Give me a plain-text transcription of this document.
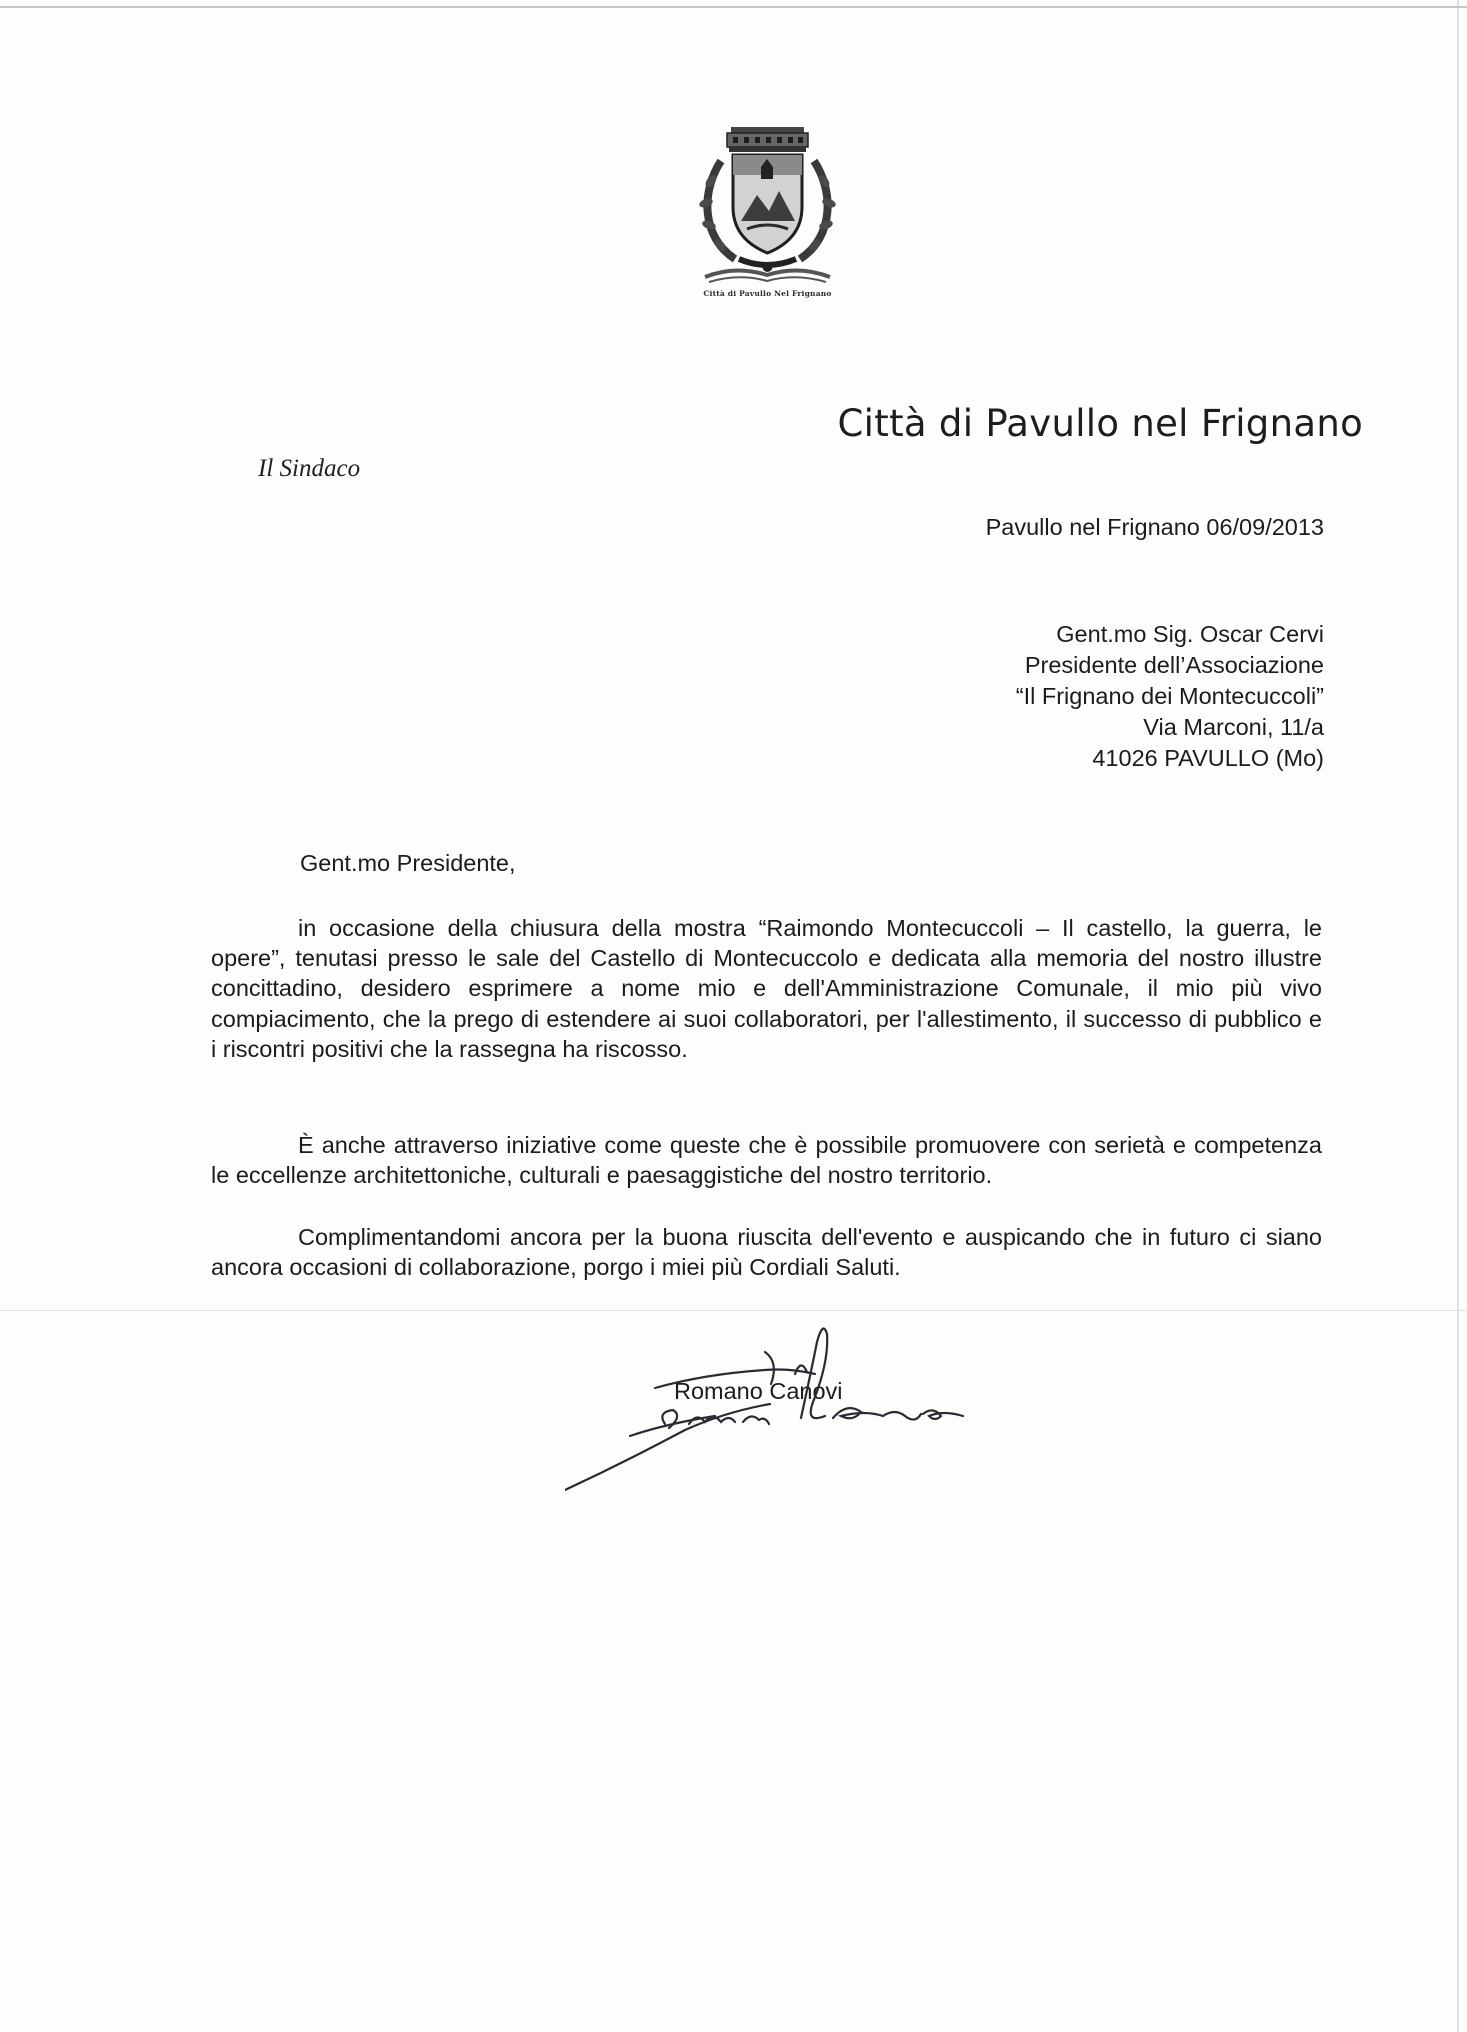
Città di Pavullo Nel Frignano
Il Sindaco
Città di Pavullo nel Frignano
Pavullo nel Frignano 06/09/2013
Gent.mo Sig. Oscar Cervi
Presidente dell’Associazione
“Il Frignano dei Montecuccoli”
Via Marconi, 11/a
41026 PAVULLO (Mo)
Gent.mo Presidente,

in occasione della chiusura della mostra “Raimondo Montecuccoli – Il castello, la guerra, le opere”, tenutasi presso le sale del Castello di Montecuccolo e dedicata alla memoria del nostro illustre concittadino, desidero esprimere a nome mio e dell'Amministrazione Comunale, il mio più vivo compiacimento, che la prego di estendere ai suoi collaboratori, per l'allestimento, il successo di pubblico e i riscontri positivi che la rassegna ha riscosso.

È anche attraverso iniziative come queste che è possibile promuovere con serietà e competenza le eccellenze architettoniche, culturali e paesaggistiche del nostro territorio.

Complimentandomi ancora per la buona riuscita dell'evento e auspicando che in futuro ci siano ancora occasioni di collaborazione, porgo i miei più Cordiali Saluti.

Romano Canovi
